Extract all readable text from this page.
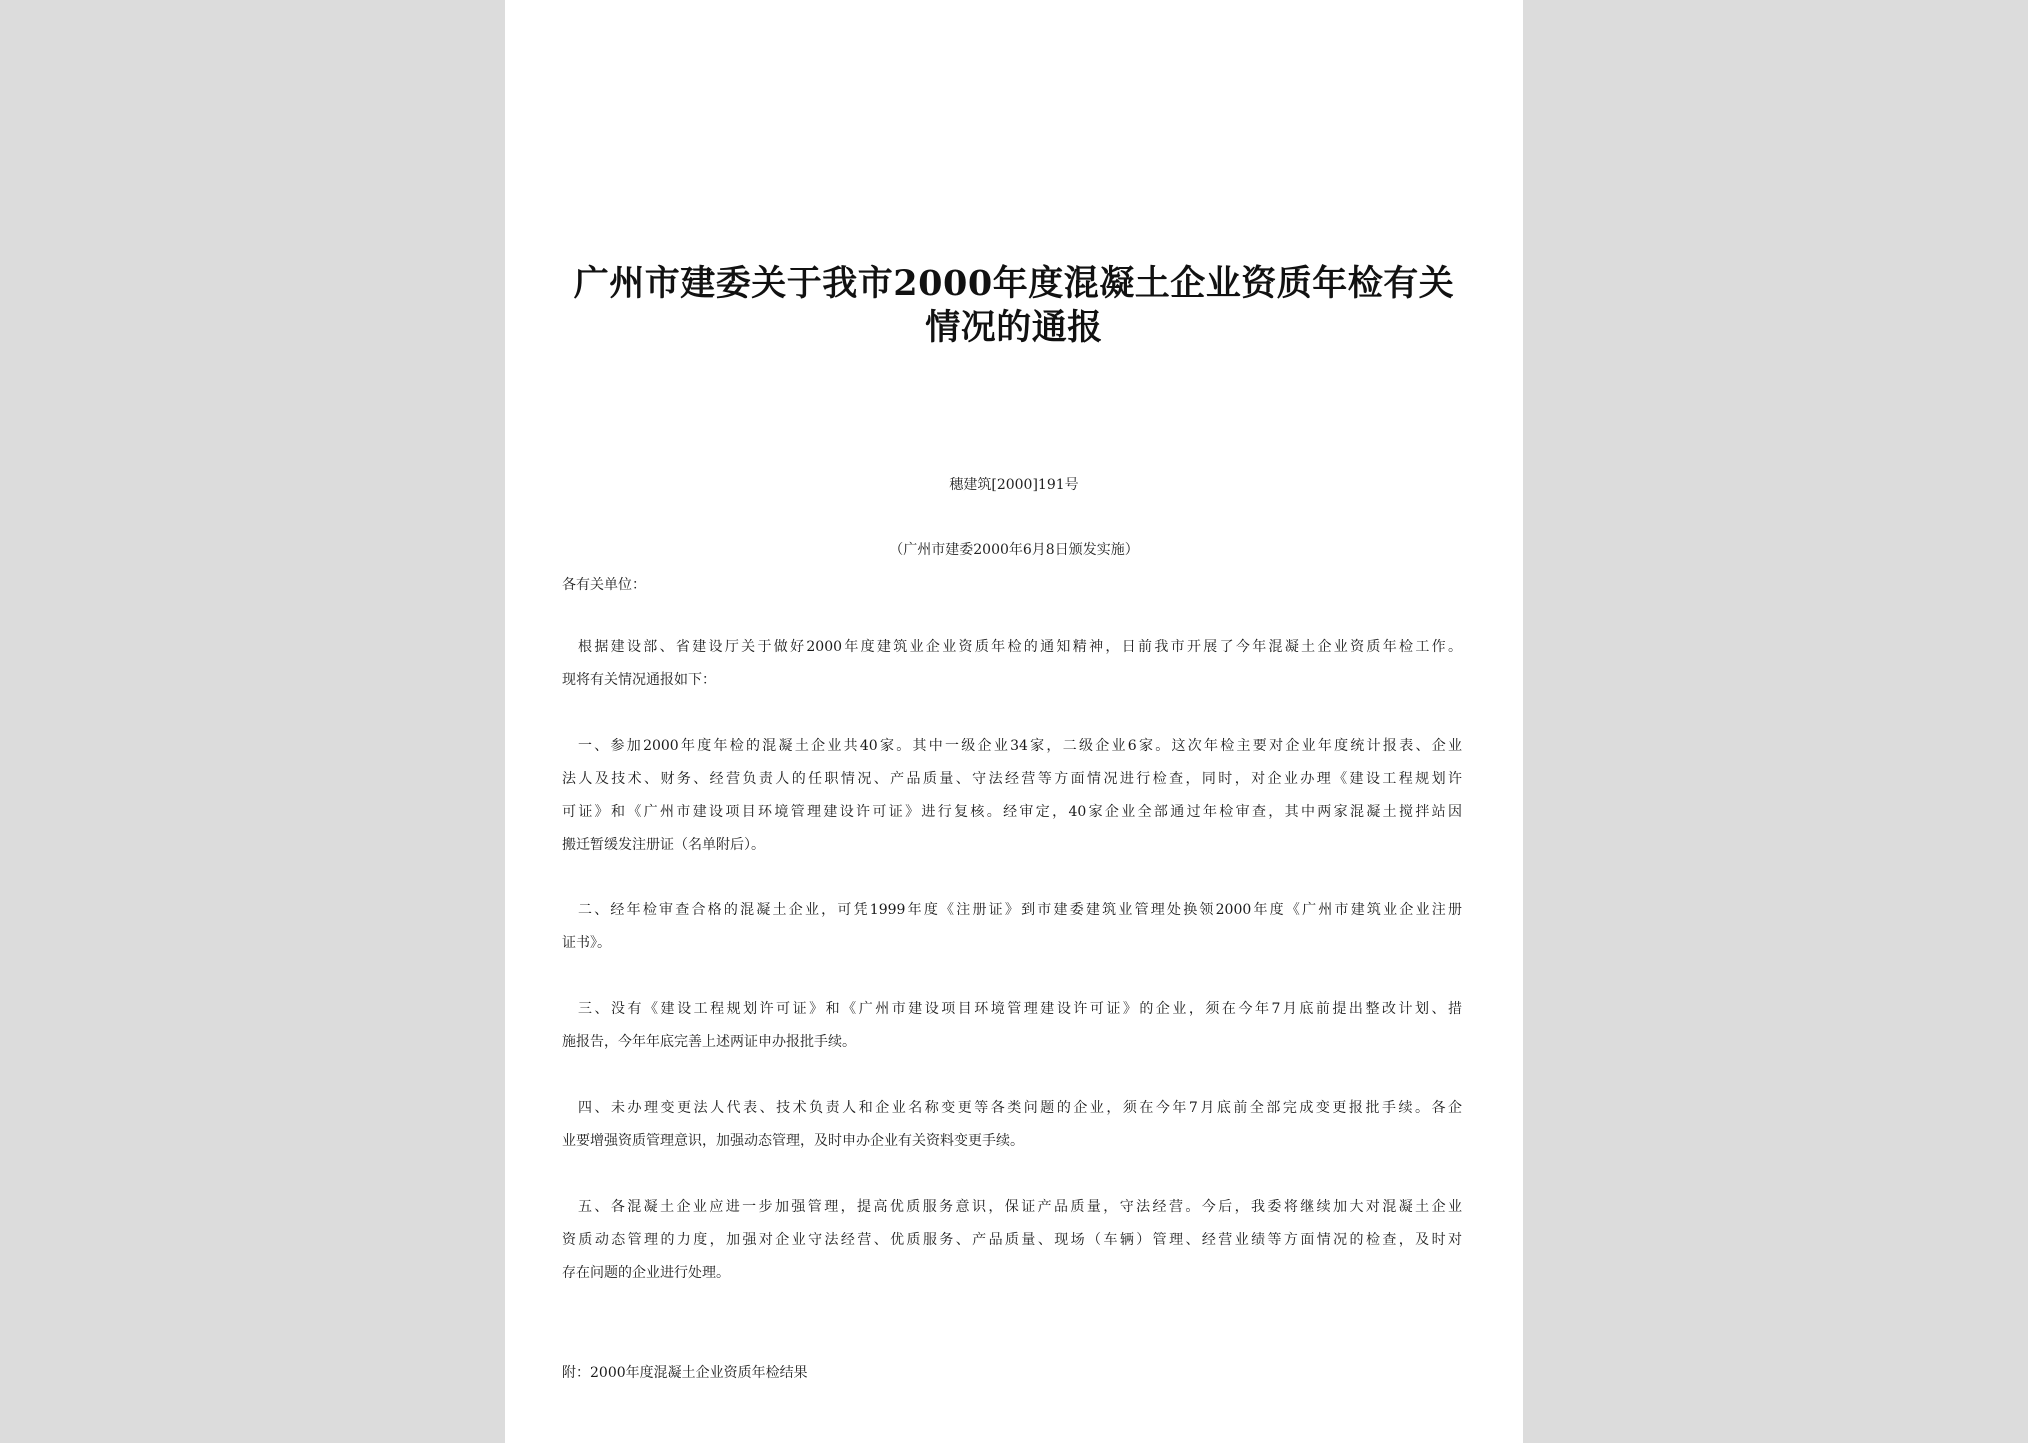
广州市建委关于我市2000年度混凝土企业资质年检有关
情况的通报
穗建筑[2000]191号
（广州市建委2000年6月8日颁发实施）
各有关单位：
根据建设部、省建设厅关于做好2000年度建筑业企业资质年检的通知精神，日前我市开展了今年混凝土企业资质年检工作。
现将有关情况通报如下：
一、参加2000年度年检的混凝土企业共40家。其中一级企业34家，二级企业6家。这次年检主要对企业年度统计报表、企业
法人及技术、财务、经营负责人的任职情况、产品质量、守法经营等方面情况进行检查，同时，对企业办理《建设工程规划许
可证》和《广州市建设项目环境管理建设许可证》进行复核。经审定，40家企业全部通过年检审查，其中两家混凝土搅拌站因
搬迁暂缓发注册证（名单附后）。
二、经年检审查合格的混凝土企业，可凭1999年度《注册证》到市建委建筑业管理处换领2000年度《广州市建筑业企业注册
证书》。
三、没有《建设工程规划许可证》和《广州市建设项目环境管理建设许可证》的企业，须在今年7月底前提出整改计划、措
施报告，今年年底完善上述两证申办报批手续。
四、未办理变更法人代表、技术负责人和企业名称变更等各类问题的企业，须在今年7月底前全部完成变更报批手续。各企
业要增强资质管理意识，加强动态管理，及时申办企业有关资料变更手续。
五、各混凝土企业应进一步加强管理，提高优质服务意识，保证产品质量，守法经营。今后，我委将继续加大对混凝土企业
资质动态管理的力度，加强对企业守法经营、优质服务、产品质量、现场（车辆）管理、经营业绩等方面情况的检查，及时对
存在问题的企业进行处理。
附：2000年度混凝土企业资质年检结果
